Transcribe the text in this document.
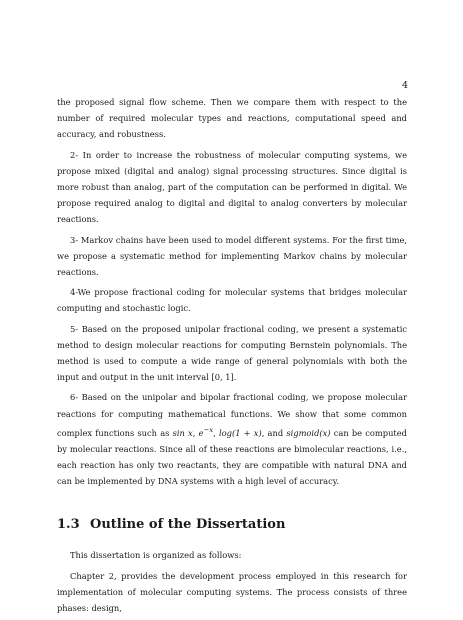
4

the proposed signal flow scheme. Then we compare them with respect to the number of required molecular types and reactions, computational speed and accuracy, and robustness.

2- In order to increase the robustness of molecular computing systems, we propose mixed (digital and analog) signal processing structures. Since digital is more robust than analog, part of the computation can be performed in digital. We propose required analog to digital and digital to analog converters by molecular reactions.

3- Markov chains have been used to model different systems. For the first time, we propose a systematic method for implementing Markov chains by molecular reactions.

4-We propose fractional coding for molecular systems that bridges molecular computing and stochastic logic.

5- Based on the proposed unipolar fractional coding, we present a systematic method to design molecular reactions for computing Bernstein polynomials. The method is used to compute a wide range of general polynomials with both the input and output in the unit interval [0, 1].

6- Based on the unipolar and bipolar fractional coding, we propose molecular reactions for computing mathematical functions. We show that some common complex functions such as sin x, $e^{-x}$, log(1 + x), and sigmoid(x) can be computed by molecular reactions. Since all of these reactions are bimolecular reactions, i.e., each reaction has only two reactants, they are compatible with natural DNA and can be implemented by DNA systems with a high level of accuracy.

1.3 Outline of the Dissertation

This dissertation is organized as follows:

Chapter 2, provides the development process employed in this research for implementation of molecular computing systems. The process consists of three phases: design,
